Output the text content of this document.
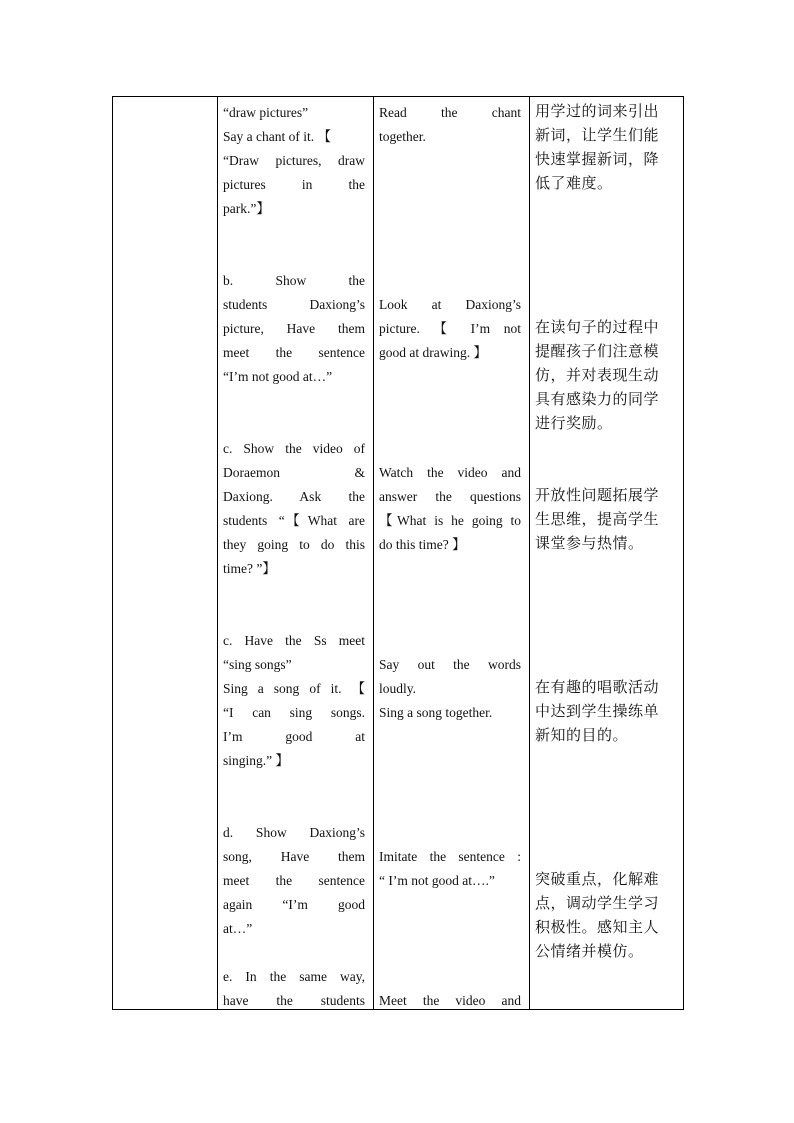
“draw pictures”
Say a chant of it. 【
“Draw pictures, draw
pictures in the
park.”】
Read the chant
together.
用学过的词来引出
新词，让学生们能
快速掌握新词，降
低了难度。
b. Show the
students Daxiong’s
picture, Have them
meet the sentence
“I’m not good at…”
Look at Daxiong’s
picture. 【 I’m not
good at drawing. 】
在读句子的过程中
提醒孩子们注意模
仿，并对表现生动
具有感染力的同学
进行奖励。
c. Show the video of
Doraemon &
Daxiong. Ask the
students “【What are
they going to do this
time? ”】
Watch the video and
answer the questions
【What is he going to
do this time? 】
开放性问题拓展学
生思维，提高学生
课堂参与热情。
c. Have the Ss meet
“sing songs”
Sing a song of it. 【
“I can sing songs.
I’m good at
singing.” 】
Say out the words
loudly.
Sing a song together.
在有趣的唱歌活动
中达到学生操练单
新知的目的。
d. Show Daxiong’s
song, Have them
meet the sentence
again “I’m good
at…”
Imitate the sentence :
“ I’m not good at….”	突破重点，化解难
点，调动学生学习
积极性。感知主人
公情绪并模仿。
e. In the same way,
have the students Meet the video and
